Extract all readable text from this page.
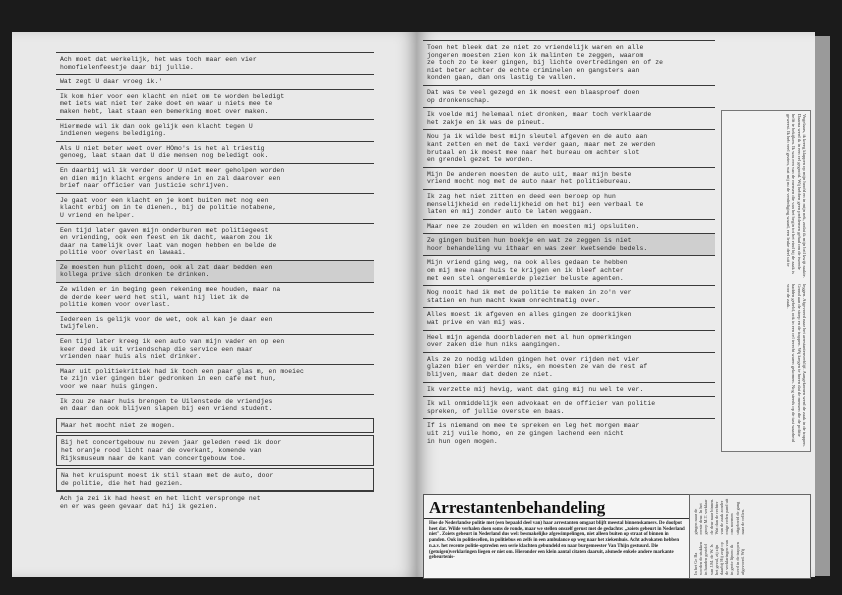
Ach moet dat werkelijk, het was toch maar een vier
homofielenfeestje daar bij jullie.
Wat zegt U daar vroeg ik.'
Ik kom hier voor een klacht en niet om te worden beledigt
met iets wat niet ter zake doet en waar u niets mee te
maken hebt, laat staan een bemerking moet over maken.
Hiermede wil ik dan ook gelijk een klacht tegen U
indienen wegens belediging.
Als U niet beter weet over HOmo's is het al triestig
genoeg, laat staan dat U die mensen nog beledigt ook.
En daarbij wil ik verder door U niet meer geholpen worden
en dien mijn klacht ergens andere in en zal daarover een
brief naar officier van justicie schrijven.
Je gaat voor een klacht en je komt buiten met nog een
klacht erbij om in te dienen., bij de politie notabene,
U vriend en helper.
Een tijd later gaven mijn onderburen met politiegeest
en vriending, ook een feest en ik dacht, waarom zou ik
daar na tamelijk over laat van mogen hebben en belde de
politie voor overlast en lawaai.
Ze moesten hun plicht doen, ook al zat daar bedden een
kollega prive sich dronken te drinken.
Ze wilden er in beging geen rekening mee houden, maar na
de derde keer werd het stil, want hij liet ik de
politie komen voor overlast.
Iedereen is gelijk voor de wet, ook al kan je daar een
twijfelen.
Een tijd later kreeg ik een auto van mijn vader en op een
keer deed ik uit vriendschap die service een maar
vrienden naar huis als niet drinker.
Maar uit politiekritiek had ik toch een paar glas m, en moeiec
te zijn vier gingen bier gedronken in een cafe met hun,
voor we naar huis gingen.
Ik zou ze naar huis brengen te Uilenstede de vriendjes
en daar dan ook blijven slapen bij een vriend student.
Maar het mocht niet ze mogen.
Bij het concertgebouw nu zeven jaar geleden reed ik door
het oranje rood licht naar de overkant, komende van
Rijksmuseum naar de kant van concertgebouw toe.
Na het kruispunt moest ik stil staan met de auto, door
de politie, die het had gezien.
Ach ja zei ik had heest en het licht verspronge net
en er was geen gevaar dat hij ik gezien.
Toen het bleek dat ze niet zo vriendelijk waren en alle
jongeren moesten zien kon ik malinten te zeggen, waarom
ze toch zo te keer gingen, bij lichte overtredingen en of ze
niet beter achter de echte criminelen en gangsters aan
konden gaan, dan ons lastig te vallen.
Dat was te veel gezegd en ik moest een blaasproef doen
op dronkenschap.
Ik voelde mij helemaal niet dronken, maar toch verklaarde
het zakje en ik was de pineut.
Nou ja ik wilde best mijn sleutel afgeven en de auto aan
kant zetten en met de taxi verder gaan, maar met ze werden
brutaal en ik moest mee naar het bureau om achter slot
en grendel gezet te worden.
Mijn De anderen moesten de auto uit, maar mijn beste
vriend mocht nog met de auto naar het politiebureau.
Ik zag het niet zitten en deed een beroep op hun
menselijkheid en redelijkheid om het bij een verbaal te
laten en mij zonder auto te laten weggaan.
Maar nee ze zouden en wilden en moesten mij opsluiten.
Ze gingen buiten hun boekje en wat ze zeggen is niet
hoor behandeling vu ithaar en was zeer kwetsende bedels.
Mijn vriend ging weg, na ook alles gedaan te hebben
om mij mee naar huis te krijgen en ik bleef achter
met een stel ongeremierde plezier beluste agenten.
Nog nooit had ik met de politie te maken in zo'n ver
statien en hun macht kwam onrechtmatig over.
Alles moest ik afgeven en alles gingen ze doorkijken
wat prive en van mij was.
Heel mijn agenda doorbladeren met al hun opmerkingen
over zaken die hun niks aangingen.
Als ze zo nodig wilden gingen het over rijden net vier
glazen bier en verder niks, en moesten ze van de rest af
blijven, maar dat deden ze niet.
Ik verzette mij hevig, want dat ging mij nu wel te ver.
Ik wil onmiddelijk een advokaat en de officier van politie
spreken, of jullie overste en baas.
If is niemand om mee te spreken en leg het morgen maar
uit zij vuile homo, en ze gingen lachend een nicht
in hun ogen mogen.
Vogelaars, ik kreeg klappen op mijn hoofd en in mijn nek, zodat ik mijn bril kwijt raakte. Daarna werd ik in een cel gegooid. Wij hebben geen problemen gehad om de tweede helft te bekijken. Ik was een van de mensen die van het begin tot het eind bij de zaak is geweest. Ik heb veel gezien, wat mij nu de verdediging waard, een leuke deel uit te leggen. Afgevoerd naar het arrestantenverblijf. Aangekomen werd de zaak in de trappen. Grond aan de stoep en de trappen. Wij kregen te horen dat de mensen die de politie hadden gebeld, ook in een cel terecht waren gekomen. Nog steeds op de tast waarheid voor de zaak.
Arrestantenbehandeling
Hoe de Nederlandse politie met (een bepaald deel van) haar arrestanten omgaat blijft meestal binnenskamers. De doofpot heet dat. Wilde verhalen doen soms de ronde, maar we stellen onszelf gerust met de gedachte: ,,zoiets gebeurt in Nederland niet". Zoiets gebeurt in Nederland dus wel: besmakelijke afgewimpelingen, niet alleen buiten op straat of binnen in panden. Ook in politiecellen, in politiebus en zelfs in een ambulance op weg naar het ziekenhuis. Acht advokaten hebben n.a.v. het recente politie-optreden een serie klachten gebundeld en naar burgemeester Van Thijn gestuurd. Die (getuigen)verklaringen liegen er niet om. Hieronder een klein aantal citaten daaruit, alsmede enkele andere markante gebeurtenis-	In het Ge Ba worden de stukken in handen gesteld van J.M. de W. Is het geval, zij zijn daarbij Hij zegt op de verklaringen van in grote lijnen: ik werd in de trappen afgevoerd. Wij gingen naar de eerste deur. In het groep M.T. verklaar de deur naar binnen. Wat dan de rechter van de zaak zonder enige reden pand uit ons noemen uitgebreid de gang naar de cellen.
